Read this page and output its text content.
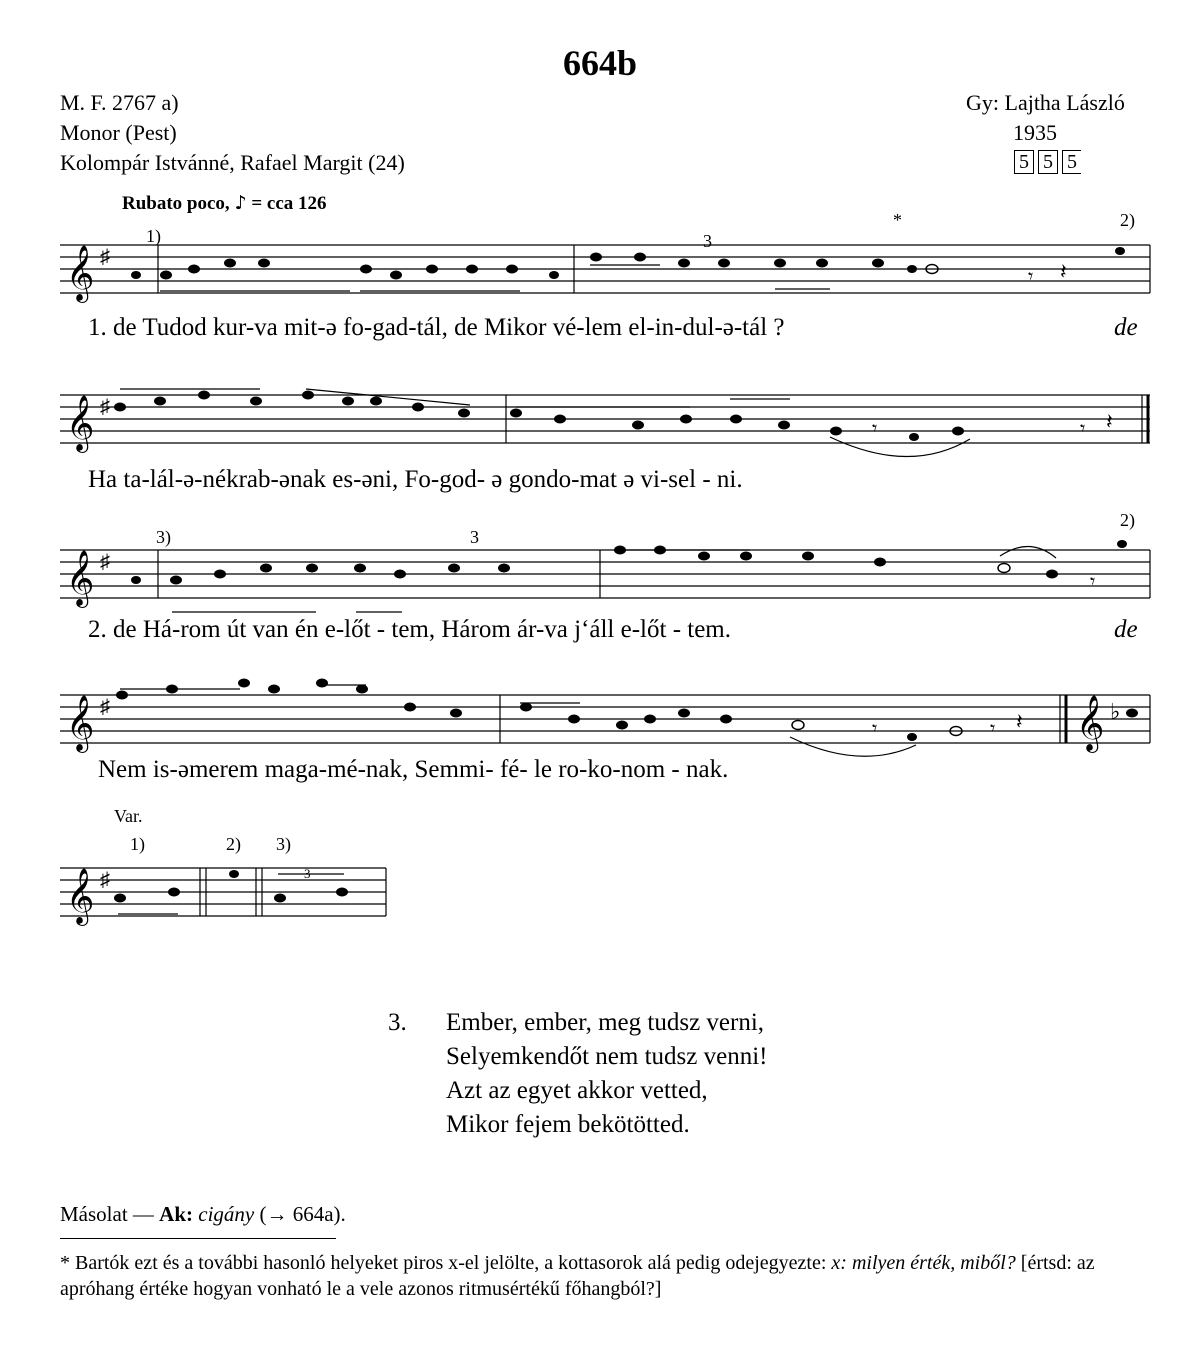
664b
M. F. 2767 a)
Monor (Pest)
Kolompár Istvánné, Rafael Margit (24)
Gy: Lajtha László
1935
5 5 5
Rubato poco, ♪ = cca 126
1)
*	2)
3
𝄞 ♯
𝄾 𝄽
1. de Tudod kur-va mit-ə fo-gad-tál, de Mikor vé-lem el-in-dul-ə-tál ?	de
𝄞 ♯
𝄾	𝄾 𝄽
Ha ta-lál-ə-nékrab-ənak es-əni, Fo-god- ə gondo-mat ə vi-sel - ni.
3)	3
2)
𝄞 ♯
𝄾
2. de Há-rom út van én e-lőt - tem, Három ár-va j‘áll e-lőt - tem.	de
𝄞 ♯	𝄞 ♭
𝄾	𝄾 𝄽
Nem is-əmerem maga-mé-nak, Semmi- fé- le ro-ko-nom - nak.
Var.
1)	2) 3)
𝄞 ♯	3
3. Ember, ember, meg tudsz verni,
Selyemkendőt nem tudsz venni!
Azt az egyet akkor vetted,
Mikor fejem bekötötted.
Másolat — Ak: cigány (→ 664a).
* Bartók ezt és a további hasonló helyeket piros x-el jelölte, a kottasorok alá pedig odejegyezte: x: milyen érték, miből? [értsd: az apróhang értéke hogyan vonható le a vele azonos ritmusértékű főhangból?]
